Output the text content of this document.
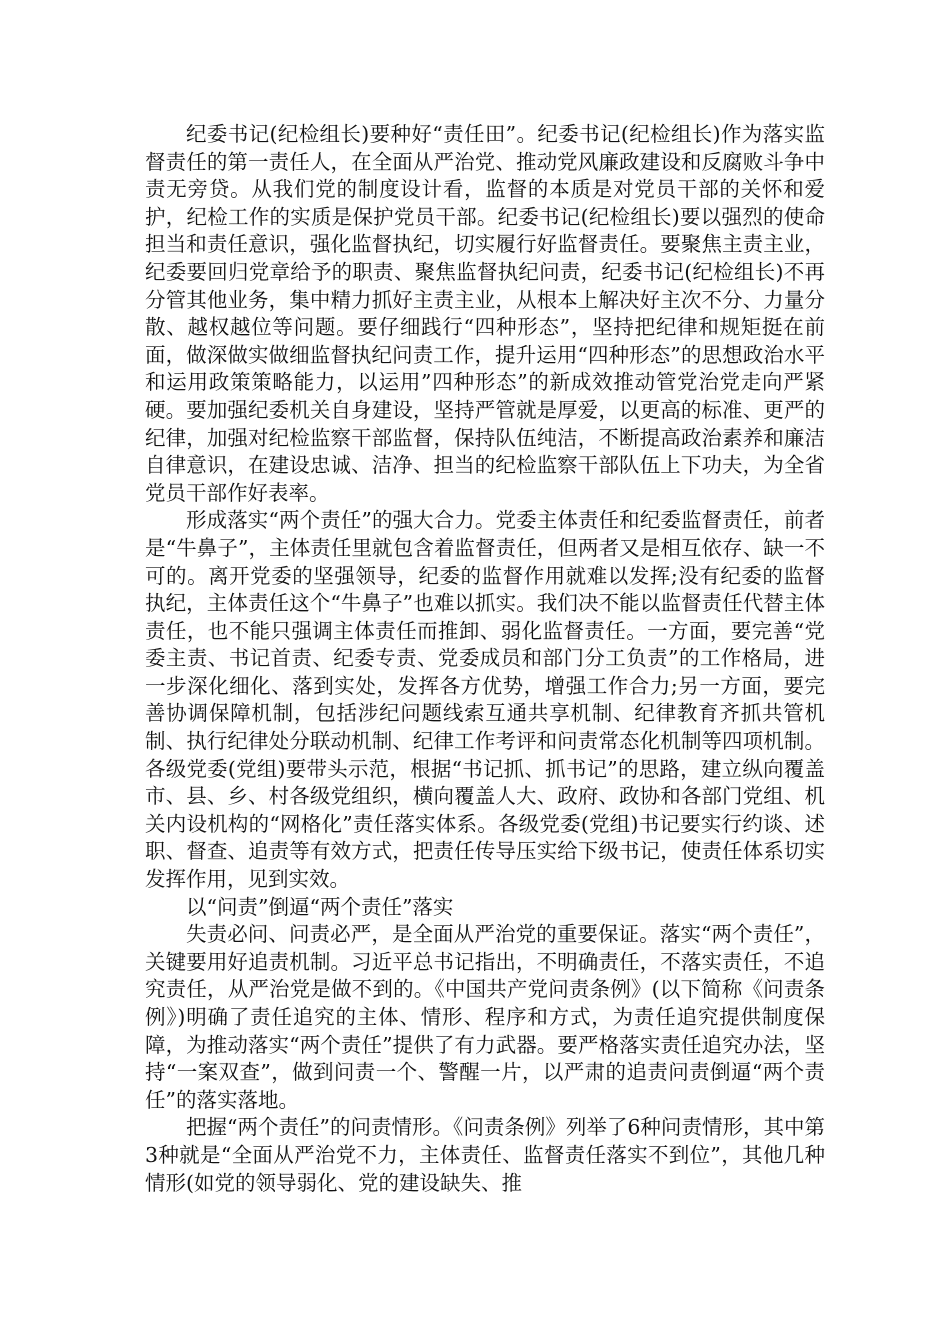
纪委书记(纪检组长)要种好“责任田”。纪委书记(纪检组长)作为落实监督责任的第一责任人，在全面从严治党、推动党风廉政建设和反腐败斗争中责无旁贷。从我们党的制度设计看，监督的本质是对党员干部的关怀和爱护，纪检工作的实质是保护党员干部。纪委书记(纪检组长)要以强烈的使命担当和责任意识，强化监督执纪，切实履行好监督责任。要聚焦主责主业，纪委要回归党章给予的职责、聚焦监督执纪问责，纪委书记(纪检组长)不再分管其他业务，集中精力抓好主责主业，从根本上解决好主次不分、力量分散、越权越位等问题。要仔细践行“四种形态”，坚持把纪律和规矩挺在前面，做深做实做细监督执纪问责工作，提升运用“四种形态”的思想政治水平和运用政策策略能力，以运用”四种形态”的新成效推动管党治党走向严紧硬。要加强纪委机关自身建设，坚持严管就是厚爱，以更高的标准、更严的纪律，加强对纪检监察干部监督，保持队伍纯洁，不断提高政治素养和廉洁自律意识，在建设忠诚、洁净、担当的纪检监察干部队伍上下功夫，为全省党员干部作好表率。

形成落实“两个责任”的强大合力。党委主体责任和纪委监督责任，前者是“牛鼻子”，主体责任里就包含着监督责任，但两者又是相互依存、缺一不可的。离开党委的坚强领导，纪委的监督作用就难以发挥;没有纪委的监督执纪，主体责任这个“牛鼻子”也难以抓实。我们决不能以监督责任代替主体责任，也不能只强调主体责任而推卸、弱化监督责任。一方面，要完善“党委主责、书记首责、纪委专责、党委成员和部门分工负责”的工作格局，进一步深化细化、落到实处，发挥各方优势，增强工作合力;另一方面，要完善协调保障机制，包括涉纪问题线索互通共享机制、纪律教育齐抓共管机制、执行纪律处分联动机制、纪律工作考评和问责常态化机制等四项机制。各级党委(党组)要带头示范，根据“书记抓、抓书记”的思路，建立纵向覆盖市、县、乡、村各级党组织，横向覆盖人大、政府、政协和各部门党组、机关内设机构的“网格化”责任落实体系。各级党委(党组)书记要实行约谈、述职、督查、追责等有效方式，把责任传导压实给下级书记，使责任体系切实发挥作用，见到实效。

以“问责”倒逼“两个责任”落实

失责必问、问责必严，是全面从严治党的重要保证。落实“两个责任”，关键要用好追责机制。习近平总书记指出，不明确责任，不落实责任，不追究责任，从严治党是做不到的。《中国共产党问责条例》(以下简称《问责条例》)明确了责任追究的主体、情形、程序和方式，为责任追究提供制度保障，为推动落实“两个责任”提供了有力武器。要严格落实责任追究办法，坚持“一案双查”，做到问责一个、警醒一片，以严肃的追责问责倒逼“两个责任”的落实落地。

把握“两个责任”的问责情形。《问责条例》列举了6种问责情形，其中第3种就是“全面从严治党不力，主体责任、监督责任落实不到位”，其他几种情形(如党的领导弱化、党的建设缺失、推
